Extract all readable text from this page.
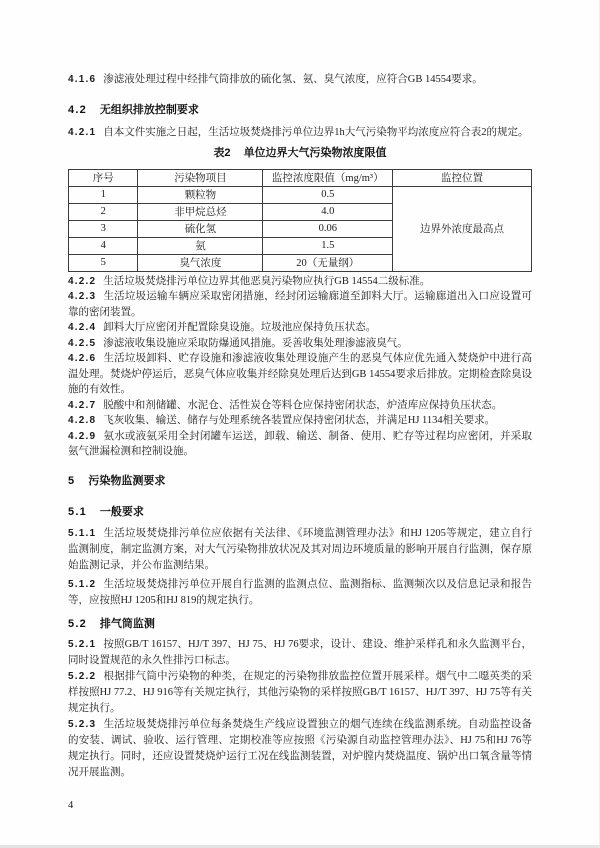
4.1.6 渗滤液处理过程中经排气筒排放的硫化氢、氨、臭气浓度，应符合GB 14554要求。

4.2 无组织排放控制要求

4.2.1 自本文件实施之日起，生活垃圾焚烧排污单位边界1h大气污染物平均浓度应符合表2的规定。

表2 单位边界大气污染物浓度限值
序号	污染物项目	监控浓度限值（mg/m³）	监控位置
1	颗粒物	0.5	边界外浓度最高点
2	非甲烷总烃	4.0	
3	硫化氢	0.06	
4	氨	1.5	
5	臭气浓度	20（无量纲）	

4.2.2 生活垃圾焚烧排污单位边界其他恶臭污染物应执行GB 14554二级标准。

4.2.3 生活垃圾运输车辆应采取密闭措施，经封闭运输廊道至卸料大厅。运输廊道出入口应设置可靠的密闭装置。

4.2.4 卸料大厅应密闭并配置除臭设施。垃圾池应保持负压状态。

4.2.5 渗滤液收集设施应采取防爆通风措施。妥善收集处理渗滤液臭气。

4.2.6 生活垃圾卸料、贮存设施和渗滤液收集处理设施产生的恶臭气体应优先通入焚烧炉中进行高温处理。焚烧炉停运后，恶臭气体应收集并经除臭处理后达到GB 14554要求后排放。定期检查除臭设施的有效性。

4.2.7 脱酸中和剂储罐、水泥仓、活性炭仓等料仓应保持密闭状态，炉渣库应保持负压状态。

4.2.8 飞灰收集、输送、储存与处理系统各装置应保持密闭状态，并满足HJ 1134相关要求。

4.2.9 氨水或液氨采用全封闭罐车运送，卸载、输送、制备、使用、贮存等过程均应密闭，并采取氨气泄漏检测和控制设施。

5 污染物监测要求
5.1 一般要求

5.1.1 生活垃圾焚烧排污单位应依据有关法律、《环境监测管理办法》和HJ 1205等规定，建立自行监测制度，制定监测方案，对大气污染物排放状况及其对周边环境质量的影响开展自行监测，保存原始监测记录，并公布监测结果。

5.1.2 生活垃圾焚烧排污单位开展自行监测的监测点位、监测指标、监测频次以及信息记录和报告等，应按照HJ 1205和HJ 819的规定执行。

5.2 排气筒监测

5.2.1 按照GB/T 16157、HJ/T 397、HJ 75、HJ 76要求，设计、建设、维护采样孔和永久监测平台，同时设置规范的永久性排污口标志。

5.2.2 根据排气筒中污染物的种类，在规定的污染物排放监控位置开展采样。烟气中二噁英类的采样按照HJ 77.2、HJ 916等有关规定执行，其他污染物的采样按照GB/T 16157、HJ/T 397、HJ 75等有关规定执行。

5.2.3 生活垃圾焚烧排污单位每条焚烧生产线应设置独立的烟气连续在线监测系统。自动监控设备的安装、调试、验收、运行管理、定期校准等应按照《污染源自动监控管理办法》、HJ 75和HJ 76等规定执行。同时，还应设置焚烧炉运行工况在线监测装置，对炉膛内焚烧温度、锅炉出口氧含量等情况开展监测。

4
